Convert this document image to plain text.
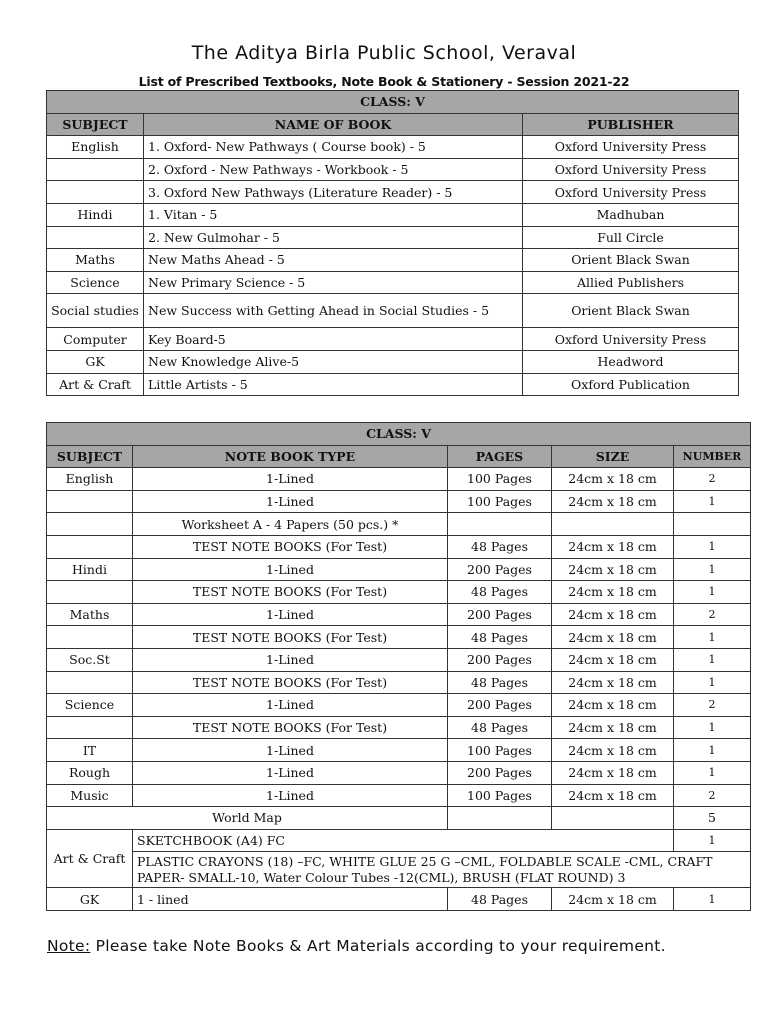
The Aditya Birla Public School, Veraval
List of Prescribed Textbooks, Note Book & Stationery - Session 2021-22
CLASS: V		
SUBJECT	NAME OF BOOK	PUBLISHER
English	1. Oxford- New Pathways ( Course book) - 5	Oxford University Press
	2. Oxford - New Pathways - Workbook - 5	Oxford University Press
	3. Oxford New Pathways (Literature Reader) - 5	Oxford University Press
Hindi	1. Vitan - 5	Madhuban
	2. New Gulmohar - 5	Full Circle
Maths	New Maths Ahead - 5	Orient Black Swan
Science	New Primary Science - 5	Allied Publishers
Social studies	New Success with Getting Ahead in Social Studies - 5	Orient Black Swan
Computer	Key Board-5	Oxford University Press
GK	New Knowledge Alive-5	Headword
Art & Craft	Little Artists - 5	Oxford Publication
CLASS: V				
SUBJECT	NOTE BOOK TYPE	PAGES	SIZE	NUMBER
English	1-Lined	100 Pages	24cm x 18 cm	2
	1-Lined	100 Pages	24cm x 18 cm	1
	Worksheet A - 4 Papers (50 pcs.) *			
	TEST NOTE BOOKS (For Test)	48 Pages	24cm x 18 cm	1
Hindi	1-Lined	200 Pages	24cm x 18 cm	1
	TEST NOTE BOOKS (For Test)	48 Pages	24cm x 18 cm	1
Maths	1-Lined	200 Pages	24cm x 18 cm	2
	TEST NOTE BOOKS (For Test)	48 Pages	24cm x 18 cm	1
Soc.St	1-Lined	200 Pages	24cm x 18 cm	1
	TEST NOTE BOOKS (For Test)	48 Pages	24cm x 18 cm	1
Science	1-Lined	200 Pages	24cm x 18 cm	2
	TEST NOTE BOOKS (For Test)	48 Pages	24cm x 18 cm	1
IT	1-Lined	100 Pages	24cm x 18 cm	1
Rough	1-Lined	200 Pages	24cm x 18 cm	1
Music	1-Lined	100 Pages	24cm x 18 cm	2
World Map				5
Art & Craft	SKETCHBOOK (A4) FC			1
	PLASTIC CRAYONS (18) –FC, WHITE GLUE 25 G –CML, FOLDABLE SCALE -CML, CRAFT PAPER- SMALL-10, Water Colour Tubes -12(CML), BRUSH (FLAT ROUND) 3			
GK	1 - lined	48 Pages	24cm x 18 cm	1
Note: Please take Note Books & Art Materials according to your requirement.
